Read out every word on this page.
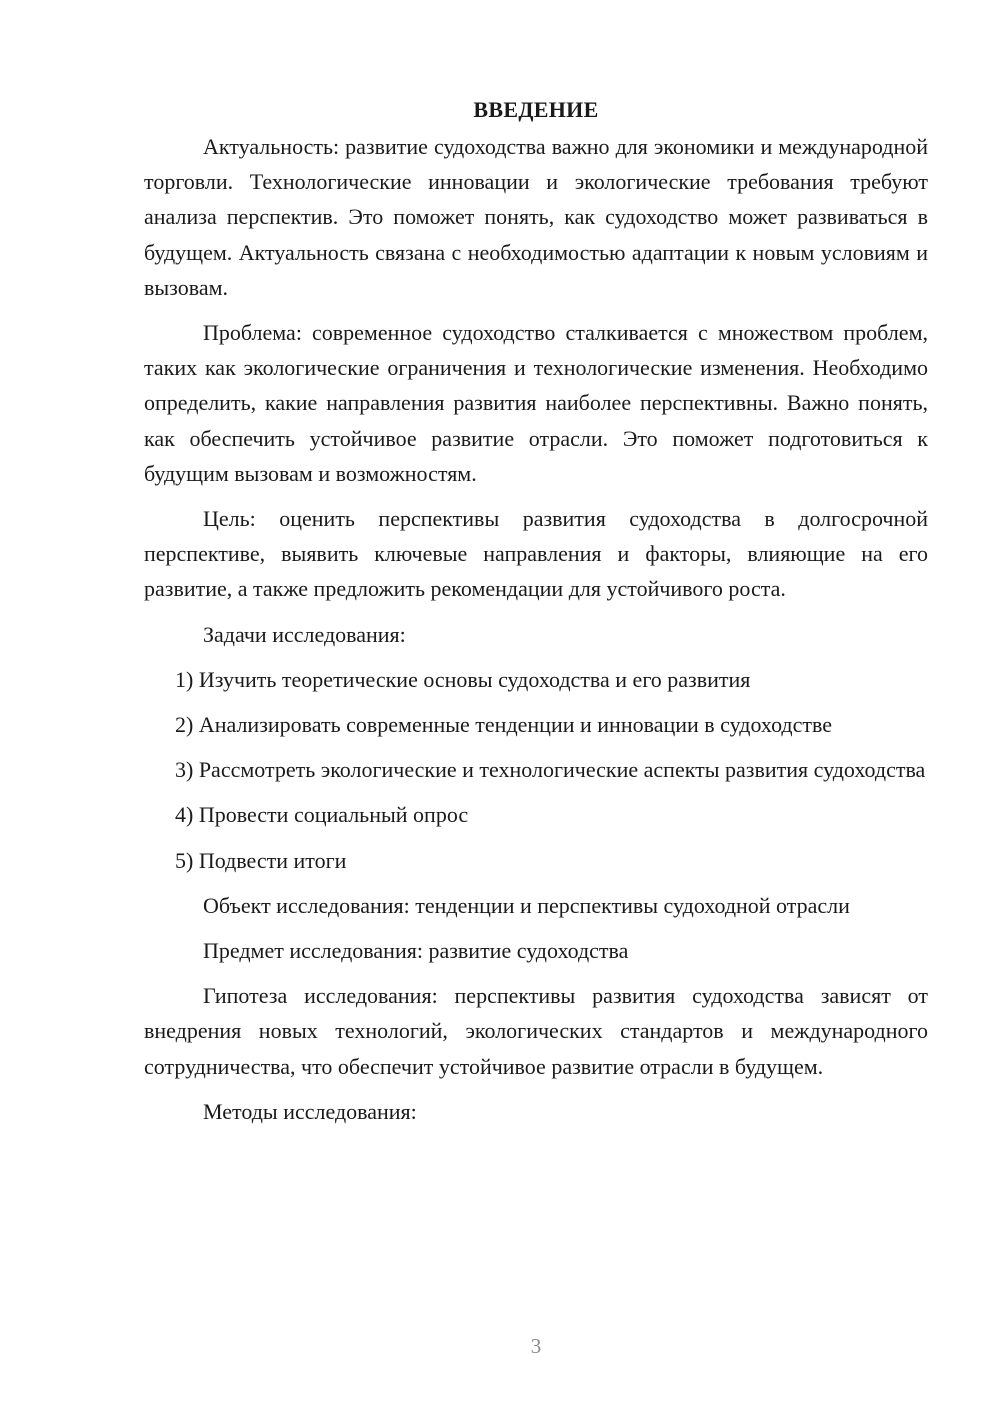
ВВЕДЕНИЕ

Актуальность: развитие судоходства важно для экономики и международной торговли. Технологические инновации и экологические требования требуют анализа перспектив. Это поможет понять, как судоходство может развиваться в будущем. Актуальность связана с необходимостью адаптации к новым условиям и вызовам.

Проблема: современное судоходство сталкивается с множеством проблем, таких как экологические ограничения и технологические изменения. Необходимо определить, какие направления развития наиболее перспективны. Важно понять, как обеспечить устойчивое развитие отрасли. Это поможет подготовиться к будущим вызовам и возможностям.

Цель: оценить перспективы развития судоходства в долгосрочной перспективе, выявить ключевые направления и факторы, влияющие на его развитие, а также предложить рекомендации для устойчивого роста.

Задачи исследования:

1) Изучить теоретические основы судоходства и его развития

2) Анализировать современные тенденции и инновации в судоходстве

3) Рассмотреть экологические и технологические аспекты развития судоходства

4) Провести социальный опрос

5) Подвести итоги

Объект исследования: тенденции и перспективы судоходной отрасли

Предмет исследования: развитие судоходства

Гипотеза исследования: перспективы развития судоходства зависят от внедрения новых технологий, экологических стандартов и международного сотрудничества, что обеспечит устойчивое развитие отрасли в будущем.

Методы исследования:

3
